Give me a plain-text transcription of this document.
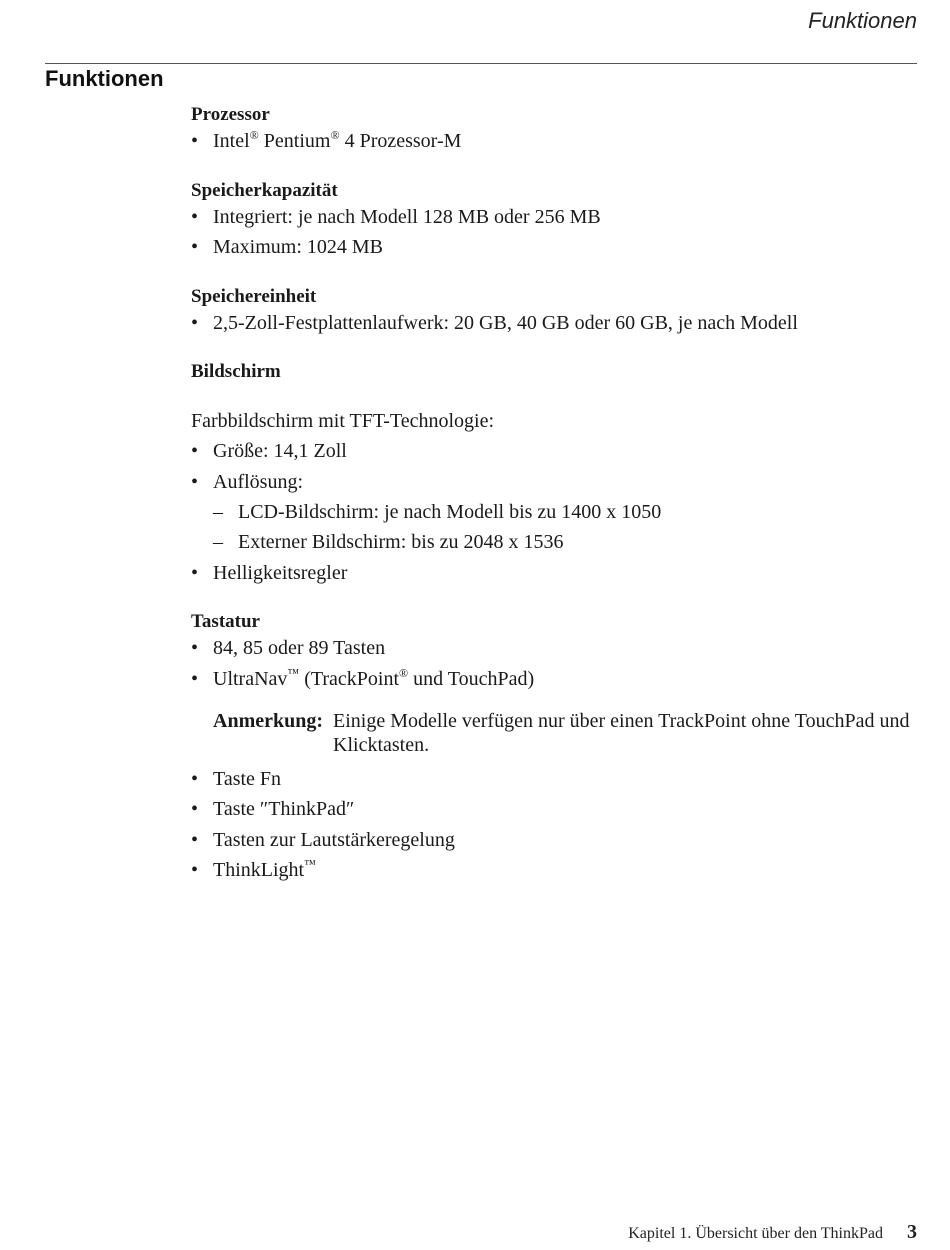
Funktionen
Funktionen
Prozessor
• Intel® Pentium® 4 Prozessor-M
Speicherkapazität
• Integriert: je nach Modell 128 MB oder 256 MB
• Maximum: 1024 MB
Speichereinheit
• 2,5-Zoll-Festplattenlaufwerk: 20 GB, 40 GB oder 60 GB, je nach Modell
Bildschirm

Farbbildschirm mit TFT-Technologie:

• Größe: 14,1 Zoll
• Auflösung:
– LCD-Bildschirm: je nach Modell bis zu 1400 x 1050
– Externer Bildschirm: bis zu 2048 x 1536
• Helligkeitsregler
Tastatur
• 84, 85 oder 89 Tasten
• UltraNav™ (TrackPoint® und TouchPad)
Anmerkung: Einige Modelle verfügen nur über einen TrackPoint ohne TouchPad und Klicktasten.
• Taste Fn
• Taste ″ThinkPad″
• Tasten zur Lautstärkeregelung
• ThinkLight™
Kapitel 1. Übersicht über den ThinkPad 3
